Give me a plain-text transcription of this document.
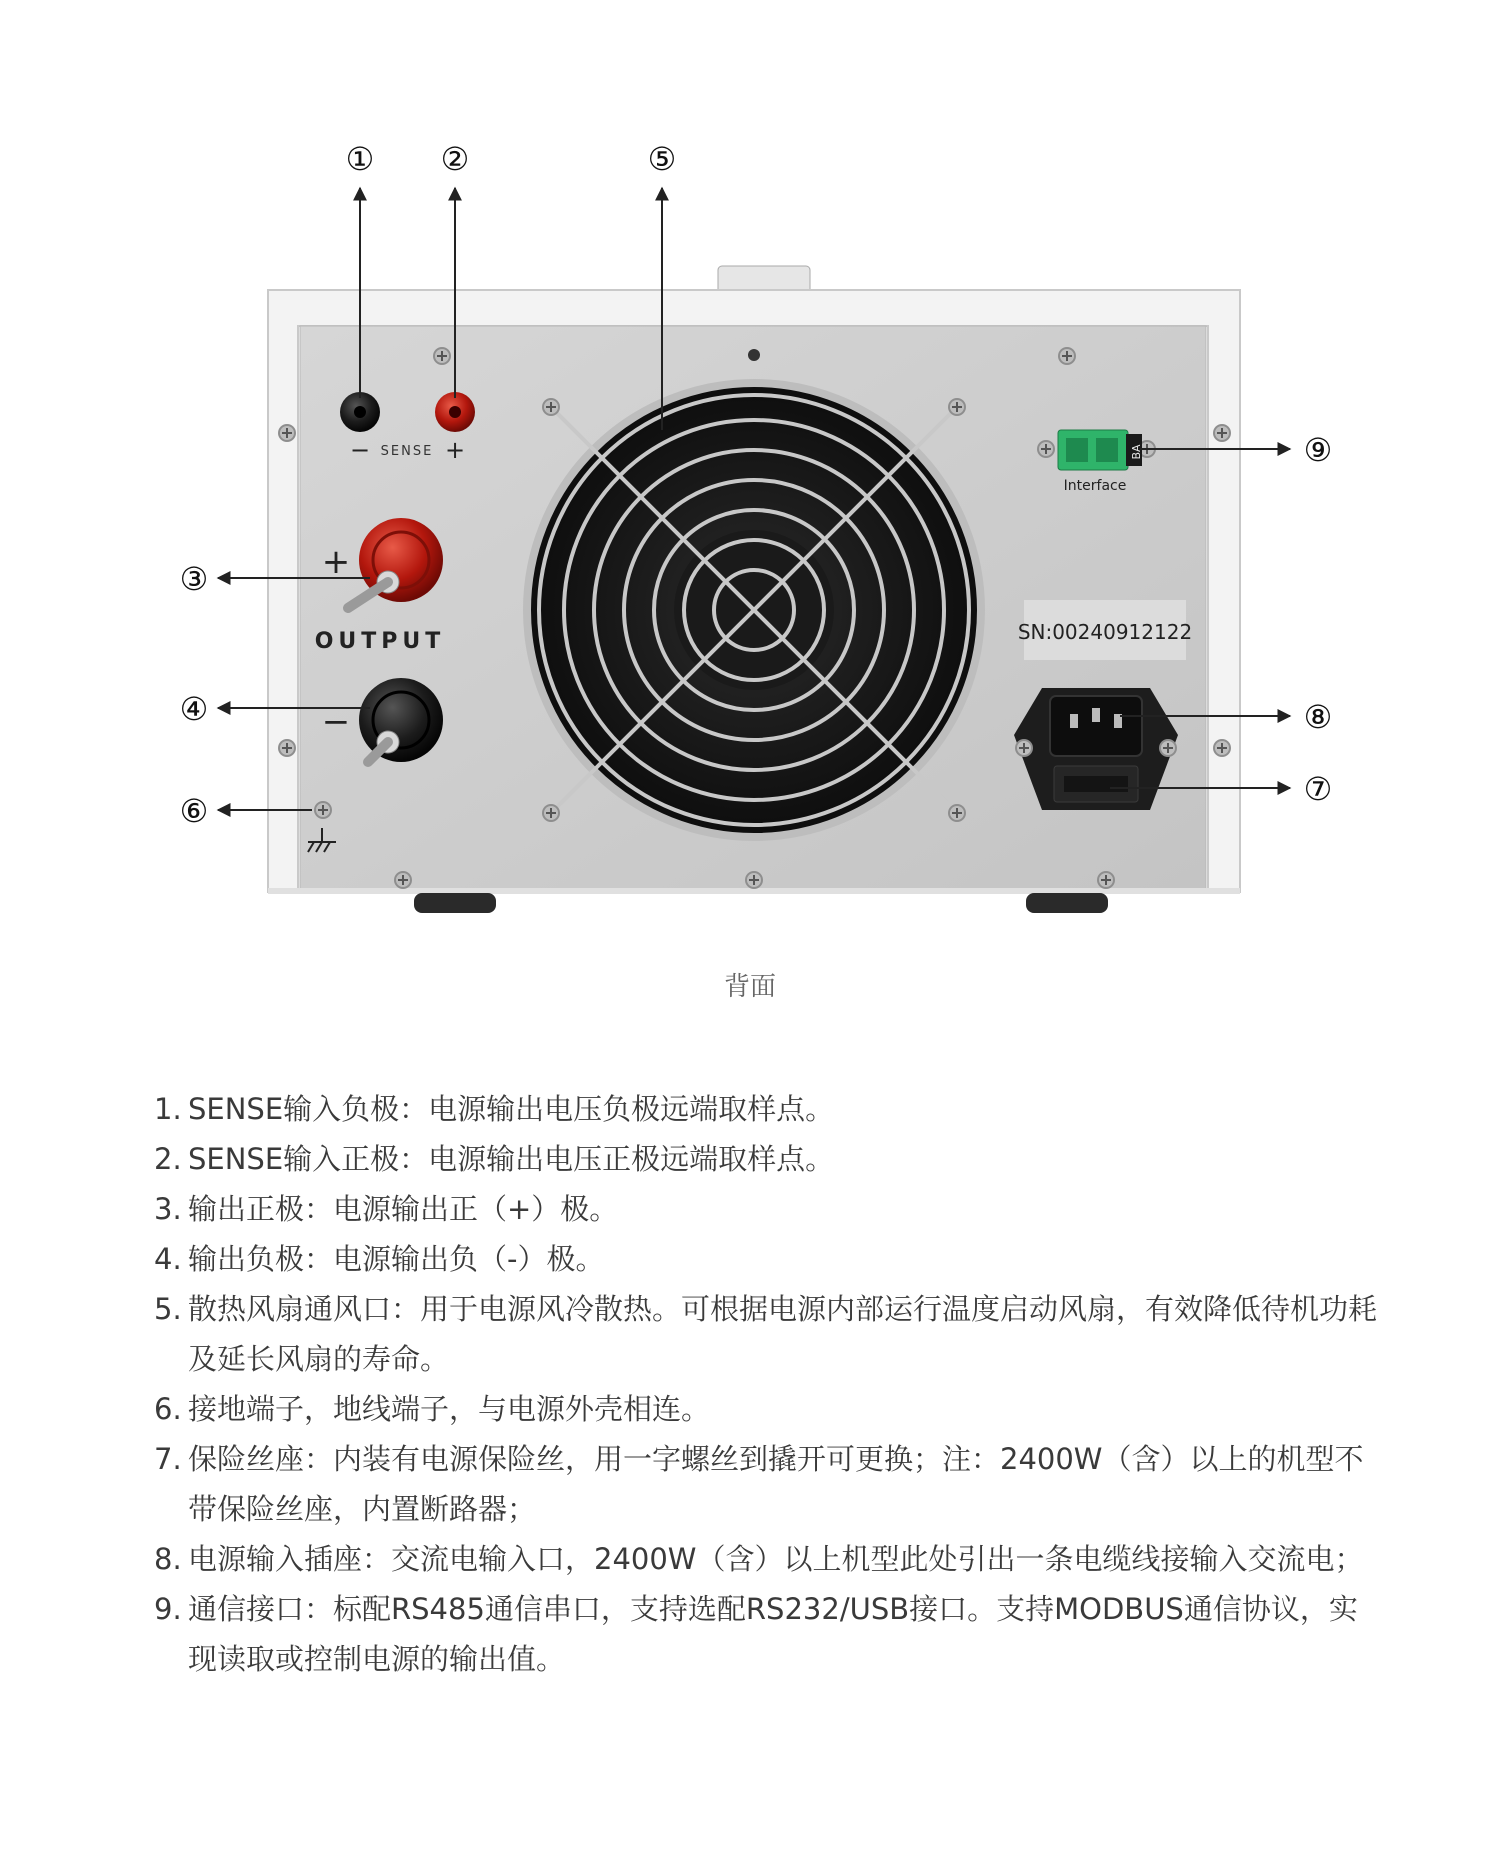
− SENSE +
+
OUTPUT
−
BA
Interface
SN:00240912122
① ②	⑤
③
④
⑥
⑨
⑧
⑦
背面
1. SENSE输入负极：电源输出电压负极远端取样点。
2. SENSE输入正极：电源输出电压正极远端取样点。
3. 输出正极：电源输出正（+）极。
4. 输出负极：电源输出负（-）极。
5. 散热风扇通风口：用于电源风冷散热。可根据电源内部运行温度启动风扇，有效降低待机功耗及延长风扇的寿命。
6. 接地端子，地线端子，与电源外壳相连。
7. 保险丝座：内装有电源保险丝，用一字螺丝到撬开可更换；注：2400W（含）以上的机型不带保险丝座，内置断路器；
8. 电源输入插座：交流电输入口，2400W（含）以上机型此处引出一条电缆线接输入交流电；
9. 通信接口：标配RS485通信串口，支持选配RS232/USB接口。支持MODBUS通信协议，实现读取或控制电源的输出值。
